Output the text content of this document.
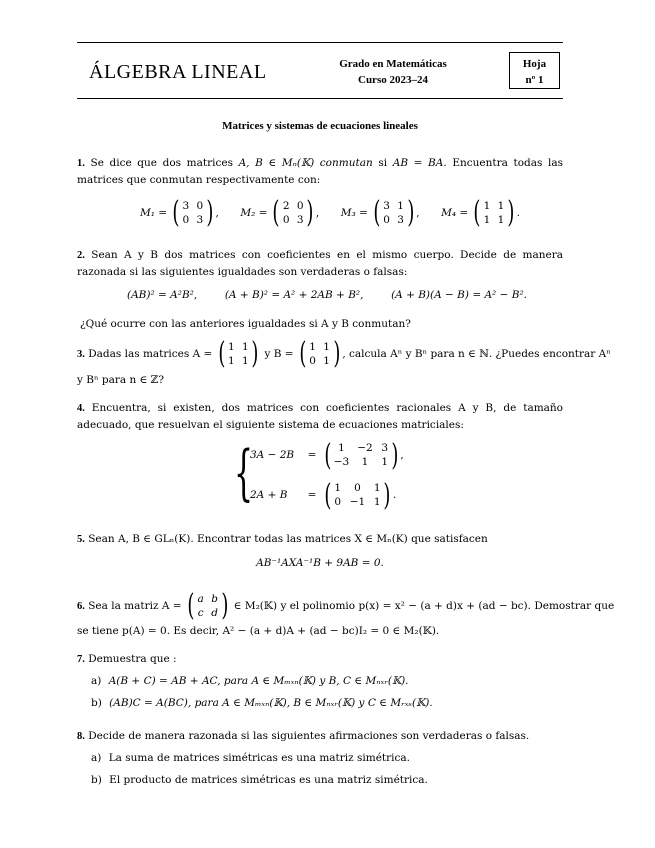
ÁLGEBRA LINEAL	Grado en Matemáticas
Curso 2023–24
Hoja
nº 1
Matrices y sistemas de ecuaciones lineales
1. Se dice que dos matrices A, B ∈ Mₙ(𝕂) conmutan si AB = BA. Encuentra todas las matrices que conmutan respectivamente con:
M₁ = ( 3 0
0 3 ) , M₂ = ( 2 0
0 3 ) , M₃ = ( 3 1
0 3 ) , M₄ = ( 1 1
1 1 ) .
2. Sean A y B dos matrices con coeficientes en el mismo cuerpo. Decide de manera razonada si las siguientes igualdades son verdaderas o falsas:
(AB)² = A²B²,	(A + B)² = A² + 2AB + B²,	(A + B)(A − B) = A² − B².
¿Qué ocurre con las anteriores igualdades si A y B conmutan?
3. Dadas las matrices A = ( 1 1
1 1 ) y B = ( 1 1
0 1 ) , calcula Aⁿ y Bⁿ para n ∈ ℕ. ¿Puedes encontrar Aⁿ
y Bⁿ para n ∈ ℤ?
4. Encuentra, si existen, dos matrices con coeficientes racionales A y B, de tamaño adecuado, que resuelvan el siguiente sistema de ecuaciones matriciales:
{
3A − 2B	= ( 1	−2 3
−3	1	1 ) ,
2A + B	= ( 1	0	1
0 −1 1 ) .
5. Sean A, B ∈ GLₙ(K). Encontrar todas las matrices X ∈ Mₙ(K) que satisfacen
AB⁻¹AXA⁻¹B + 9AB = 0.
6. Sea la matriz A = ( a b
c d ) ∈ M₂(𝕂) y el polinomio p(x) = x² − (a + d)x + (ad − bc). Demostrar que
se tiene p(A) = 0. Es decir, A² − (a + d)A + (ad − bc)I₂ = 0 ∈ M₂(𝕂).
7. Demuestra que :
a) A(B + C) = AB + AC, para A ∈ Mₘₓₙ(𝕂) y B, C ∈ Mₙₓᵣ(𝕂).
b) (AB)C = A(BC), para A ∈ Mₘₓₙ(𝕂), B ∈ Mₙₓᵣ(𝕂) y C ∈ Mᵣₓₛ(𝕂).
8. Decide de manera razonada si las siguientes afirmaciones son verdaderas o falsas.
a) La suma de matrices simétricas es una matriz simétrica.
b) El producto de matrices simétricas es una matriz simétrica.
